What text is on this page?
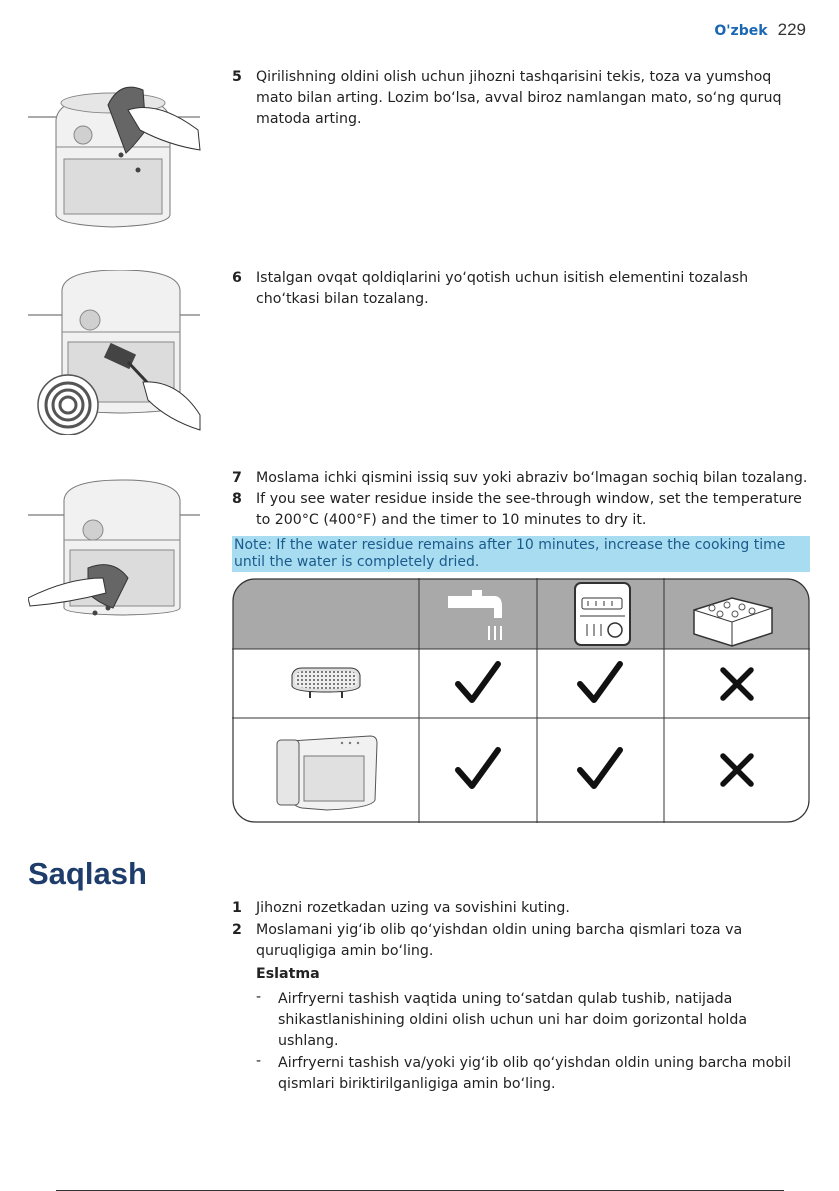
O'zbek 229
5 Qirilishning oldini olish uchun jihozni tashqarisini tekis, toza va yumshoq mato bilan arting. Lozim bo‘lsa, avval biroz namlangan mato, so‘ng quruq matoda arting.
6 Istalgan ovqat qoldiqlarini yo‘qotish uchun isitish elementini tozalash cho‘tkasi bilan tozalang.
7 Moslama ichki qismini issiq suv yoki abraziv bo‘lmagan sochiq bilan tozalang.
8 If you see water residue inside the see-through window, set the temperature to 200°C (400°F) and the timer to 10 minutes to dry it.
Note: If the water residue remains after 10 minutes, increase the cooking time until the water is completely dried.
Saqlash
1 Jihozni rozetkadan uzing va sovishini kuting.
2 Moslamani yig‘ib olib qo‘yishdan oldin uning barcha qismlari toza va quruqligiga amin bo‘ling.
Eslatma
- Airfryerni tashish vaqtida uning to‘satdan qulab tushib, natijada shikastlanishining oldini olish uchun uni har doim gorizontal holda ushlang.
- Airfryerni tashish va/yoki yig‘ib olib qo‘yishdan oldin uning barcha mobil qismlari biriktirilganligiga amin bo‘ling.
